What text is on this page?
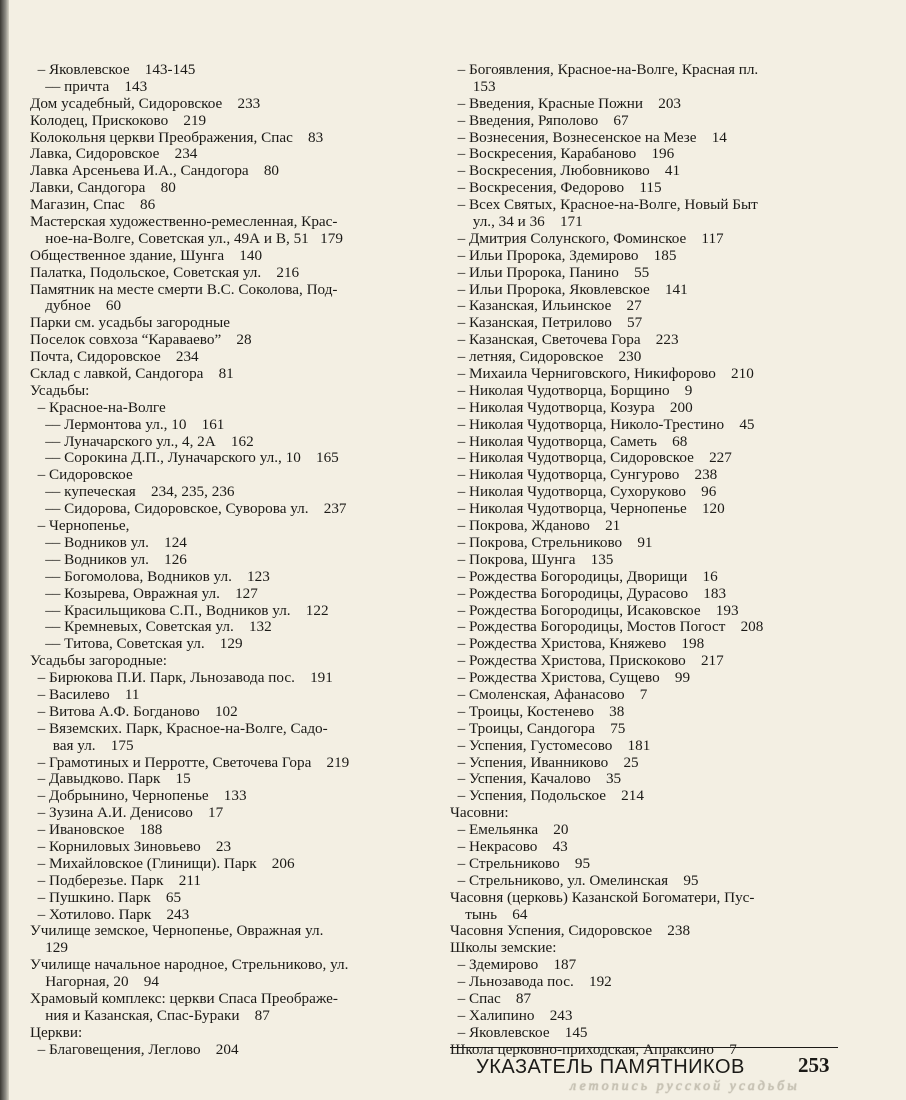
– Яковлевское    143-145
–– причта    143
Дом усадебный, Сидоровское    233
Колодец, Прискоково    219
Колокольня церкви Преображения, Спас    83
Лавка, Сидоровское    234
Лавка Арсеньева И.А., Сандогора    80
Лавки, Сандогора    80
Магазин, Спас    86
Мастерская художественно-ремесленная, Крас-
ное-на-Волге, Советская ул., 49А и В, 51   179
Общественное здание, Шунга    140
Палатка, Подольское, Советская ул.    216
Памятник на месте смерти В.С. Соколова, Под-
дубное    60
Парки см. усадьбы загородные
Поселок совхоза “Караваево”    28
Почта, Сидоровское    234
Склад с лавкой, Сандогора    81
Усадьбы:
– Красное-на-Волге
–– Лермонтова ул., 10    161
–– Луначарского ул., 4, 2А    162
–– Сорокина Д.П., Луначарского ул., 10    165
– Сидоровское
–– купеческая    234, 235, 236
–– Сидорова, Сидоровское, Суворова ул.    237
– Чернопенье,
–– Водников ул.    124
–– Водников ул.    126
–– Богомолова, Водников ул.    123
–– Козырева, Овражная ул.    127
–– Красильщикова С.П., Водников ул.    122
–– Кремневых, Советская ул.    132
–– Титова, Советская ул.    129
Усадьбы загородные:
– Бирюкова П.И. Парк, Льнозавода пос.    191
– Василево    11
– Витова А.Ф. Богданово    102
– Вяземских. Парк, Красное-на-Волге, Садо-
вая ул.    175
– Грамотиных и Перротте, Светочева Гора    219
– Давыдково. Парк    15
– Добрынино, Чернопенье    133
– Зузина А.И. Денисово    17
– Ивановское    188
– Корниловых Зиновьево    23
– Михайловское (Глинищи). Парк    206
– Подберезье. Парк    211
– Пушкино. Парк    65
– Хотилово. Парк    243
Училище земское, Чернопенье, Овражная ул.
129
Училище начальное народное, Стрельниково, ул.
Нагорная, 20    94
Храмовый комплекс: церкви Спаса Преображе-
ния и Казанская, Спас-Бураки    87
Церкви:
– Благовещения, Леглово    204
– Богоявления, Красное-на-Волге, Красная пл.
153
– Введения, Красные Пожни    203
– Введения, Ряполово    67
– Вознесения, Вознесенское на Мезе    14
– Воскресения, Карабаново    196
– Воскресения, Любовниково    41
– Воскресения, Федорово    115
– Всех Святых, Красное-на-Волге, Новый Быт
ул., 34 и 36    171
– Дмитрия Солунского, Фоминское    117
– Ильи Пророка, Здемирово    185
– Ильи Пророка, Панино    55
– Ильи Пророка, Яковлевское    141
– Казанская, Ильинское    27
– Казанская, Петрилово    57
– Казанская, Светочева Гора    223
– летняя, Сидоровское    230
– Михаила Черниговского, Никифорово    210
– Николая Чудотворца, Борщино    9
– Николая Чудотворца, Козура    200
– Николая Чудотворца, Николо-Трестино    45
– Николая Чудотворца, Саметь    68
– Николая Чудотворца, Сидоровское    227
– Николая Чудотворца, Сунгурово    238
– Николая Чудотворца, Сухоруково    96
– Николая Чудотворца, Чернопенье    120
– Покрова, Жданово    21
– Покрова, Стрельниково    91
– Покрова, Шунга    135
– Рождества Богородицы, Дворищи    16
– Рождества Богородицы, Дурасово    183
– Рождества Богородицы, Исаковское    193
– Рождества Богородицы, Мостов Погост    208
– Рождества Христова, Княжево    198
– Рождества Христова, Прискоково    217
– Рождества Христова, Сущево    99
– Смоленская, Афанасово    7
– Троицы, Костенево    38
– Троицы, Сандогора    75
– Успения, Густомесово    181
– Успения, Иванниково    25
– Успения, Качалово    35
– Успения, Подольское    214
Часовни:
– Емельянка    20
– Некрасово    43
– Стрельниково    95
– Стрельниково, ул. Омелинская    95
Часовня (церковь) Казанской Богоматери, Пус-
тынь    64
Часовня Успения, Сидоровское    238
Школы земские:
– Здемирово    187
– Льнозавода пос.    192
– Спас    87
– Халипино    243
– Яковлевское    145
Школа церковно-приходская, Апраксино    7
УКАЗАТЕЛЬ ПАМЯТНИКОВ	253
летопись русской усадьбы
